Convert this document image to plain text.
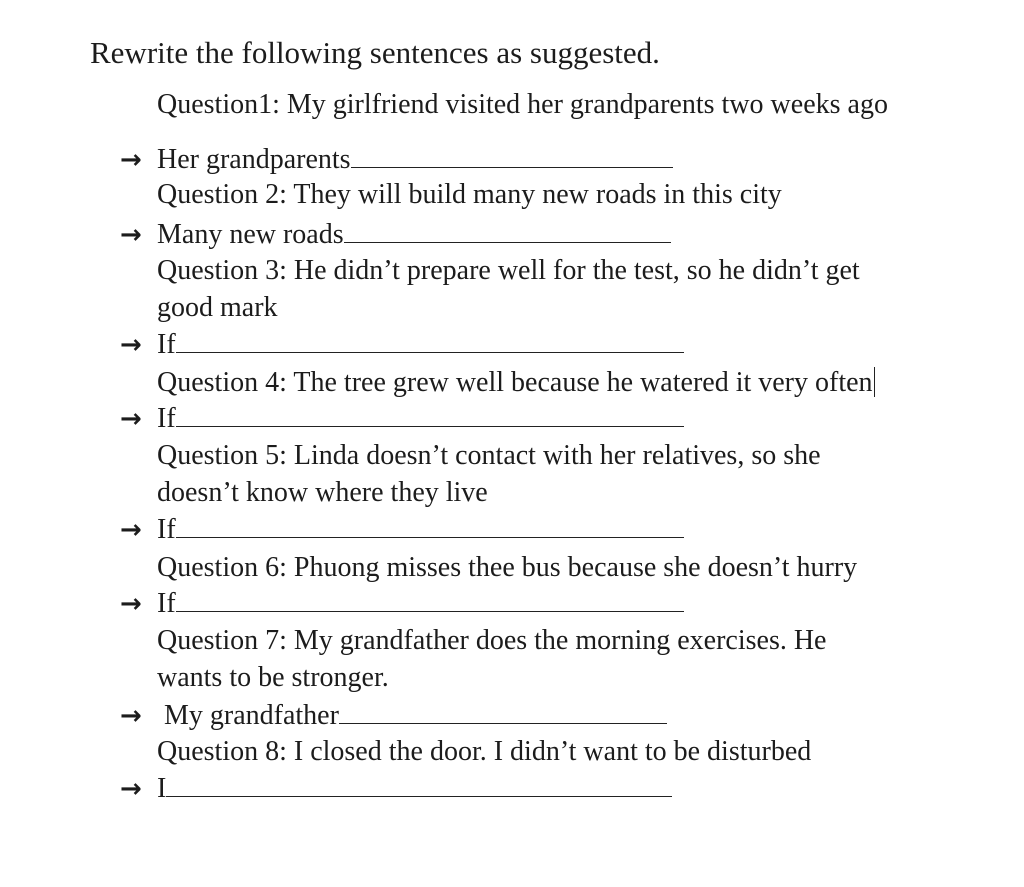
Rewrite the following sentences as suggested.
Question1: My girlfriend visited her grandparents two weeks ago
→ Her grandparents
Question 2: They will build many new roads in this city
→ Many new roads
Question 3: He didn’t prepare well for the test, so he didn’t get
good mark
→ If
Question 4: The tree grew well because he watered it very often
→ If
Question 5: Linda doesn’t contact with her relatives, so she
doesn’t know where they live
→ If
Question 6: Phuong misses thee bus because she doesn’t hurry
→ If
Question 7: My grandfather does the morning exercises. He
wants to be stronger.
→ My grandfather
Question 8: I closed the door. I didn’t want to be disturbed
→ I
